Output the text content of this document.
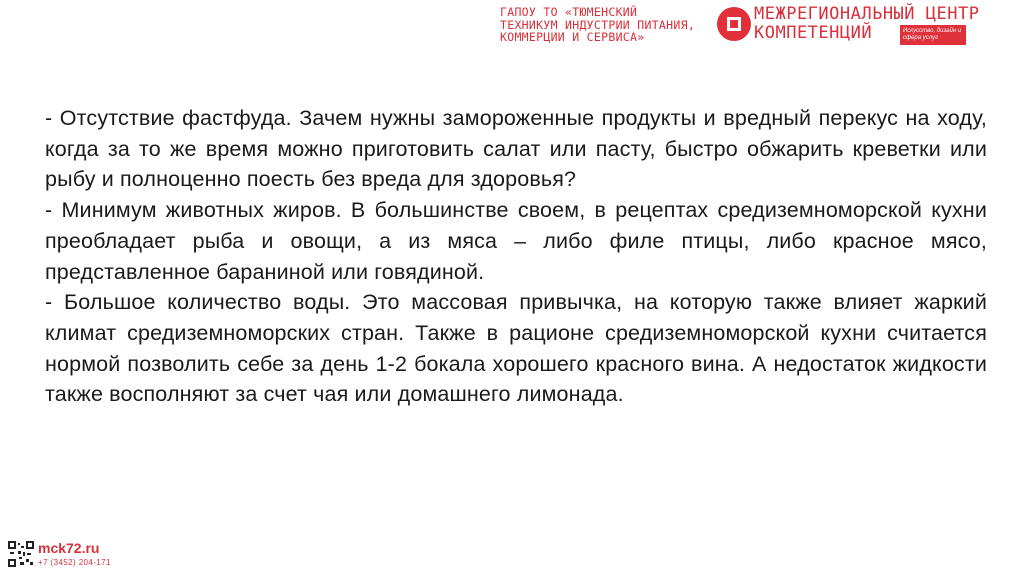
ГАПОУ ТО «ТЮМЕНСКИЙ
ТЕХНИКУМ ИНДУСТРИИ ПИТАНИЯ,
КОММЕРЦИИ И СЕРВИСА»
МЕЖРЕГИОНАЛЬНЫЙ ЦЕНТР
КОМПЕТЕНЦИЙ	Искусство, дизайн и сфера услуг

- Отсутствие фастфуда. Зачем нужны замороженные продукты и вредный перекус на ходу, когда за то же время можно приготовить салат или пасту, быстро обжарить креветки или рыбу и полноценно поесть без вреда для здоровья?

- Минимум животных жиров. В большинстве своем, в рецептах средиземноморской кухни преобладает рыба и овощи, а из мяса – либо филе птицы, либо красное мясо, представленное бараниной или говядиной.

- Большое количество воды. Это массовая привычка, на которую также влияет жаркий климат средиземноморских стран. Также в рационе средиземноморской кухни считается нормой позволить себе за день 1-2 бокала хорошего красного вина. А недостаток жидкости также восполняют за счет чая или домашнего лимонада.

mck72.ru
+7 (3452) 204-171
